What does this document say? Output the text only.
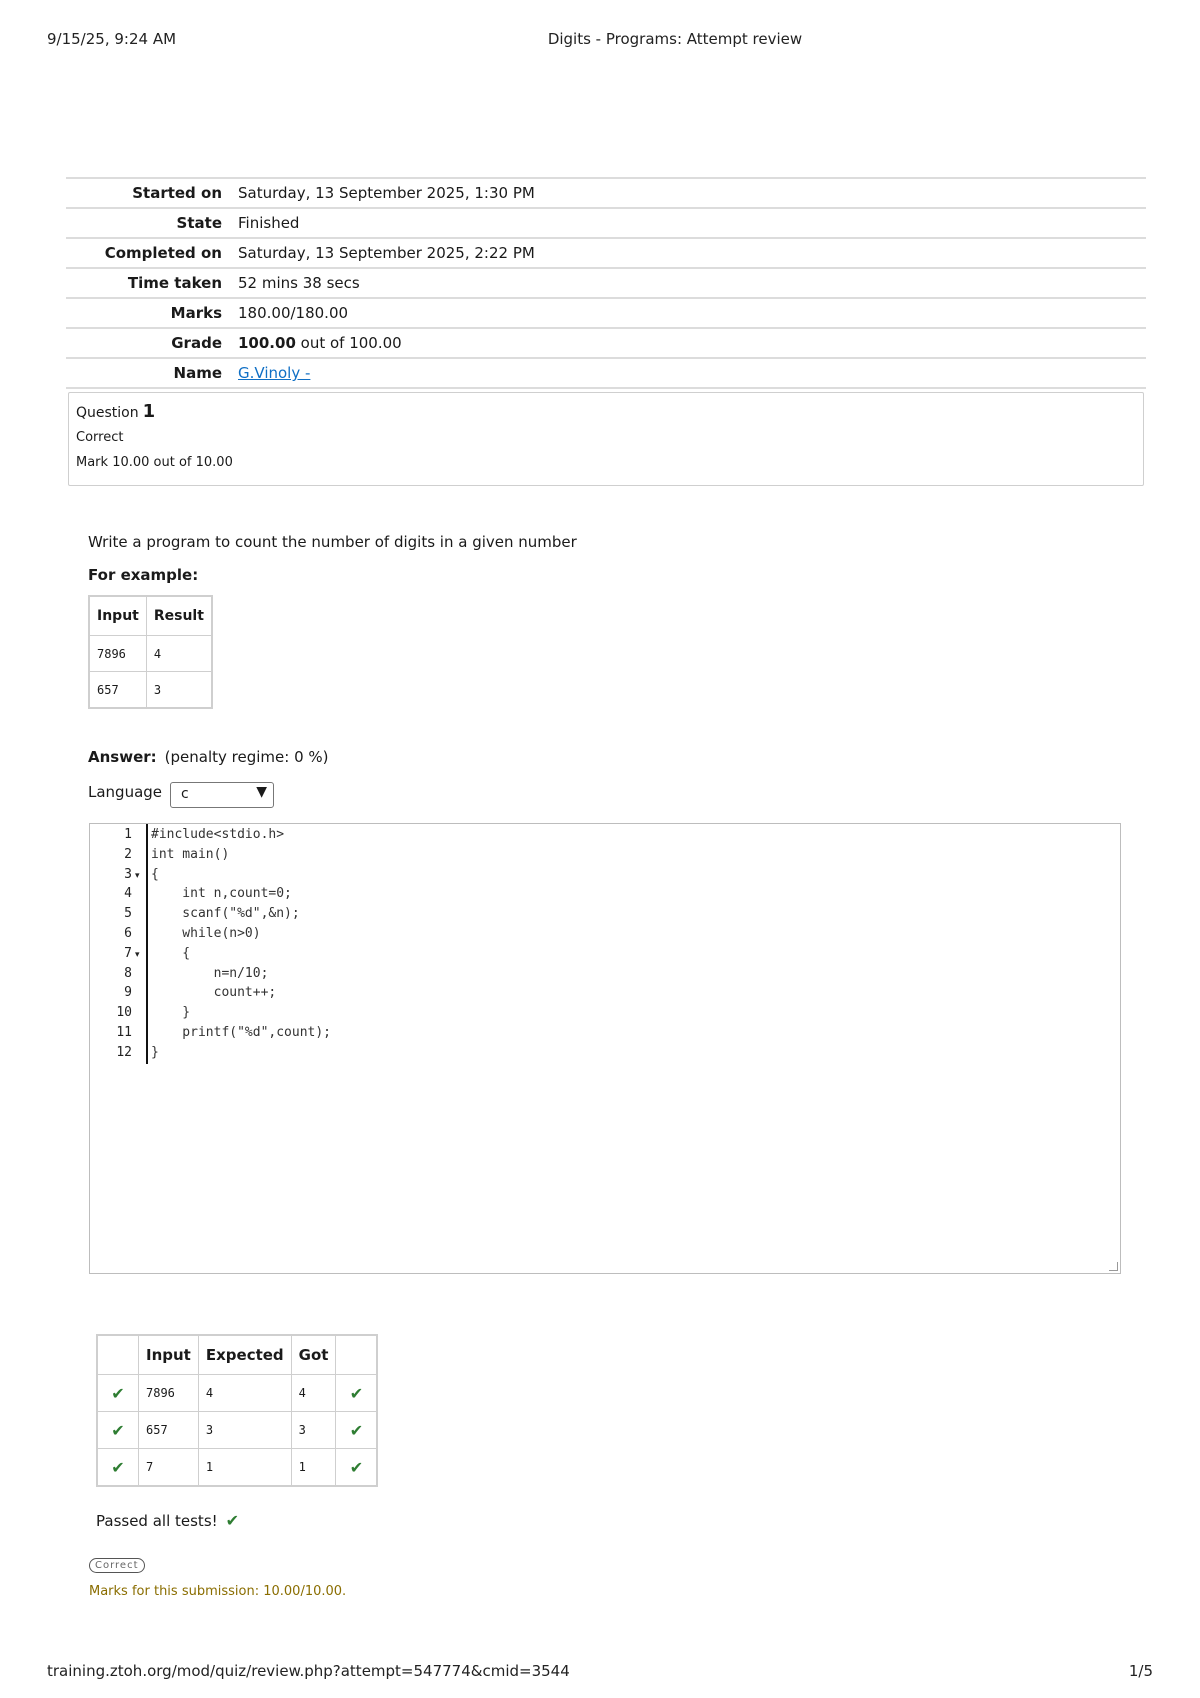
9/15/25, 9:24 AM	Digits - Programs: Attempt review
Started on	Saturday, 13 September 2025, 1:30 PM
State	Finished
Completed on	Saturday, 13 September 2025, 2:22 PM
Time taken	52 mins 38 secs
Marks	180.00/180.00
Grade	100.00 out of 100.00
Name	G.Vinoly -
Question 1
Correct
Mark 10.00 out of 10.00
Write a program to count the number of digits in a given number
For example:
Input	Result
7896	4
657	3
Answer: (penalty regime: 0 %)
Language	c	▼
1
2
3 ▾
4
5
6
7 ▾
8
9
10
11
12
#include<stdio.h>
int main()
{
int n,count=0;
scanf("%d",&n);
while(n>0)
{
n=n/10;
count++;
}
printf("%d",count);
}
	Input	Expected	Got	
✔	7896	4	4	✔
✔	657	3	3	✔
✔	7	1	1	✔
Passed all tests! ✔
Correct
Marks for this submission: 10.00/10.00.
training.ztoh.org/mod/quiz/review.php?attempt=547774&cmid=3544	1/5
